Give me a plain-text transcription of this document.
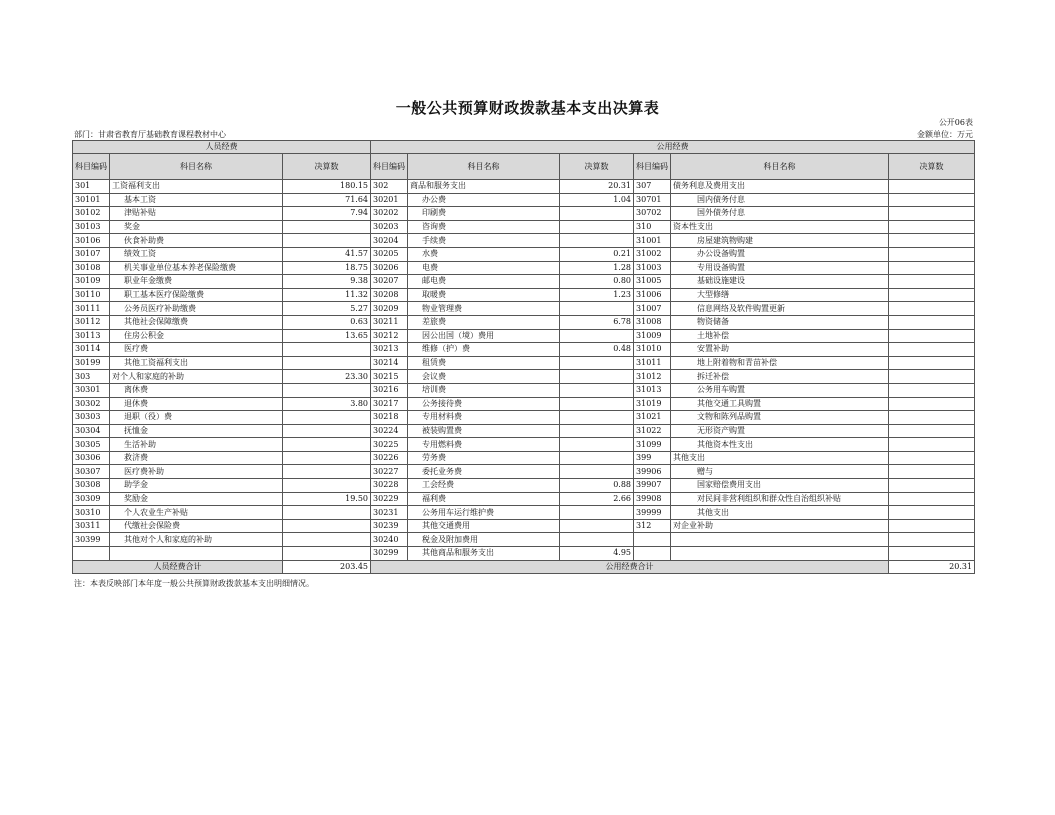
一般公共预算财政拨款基本支出决算表
公开06表
部门：甘肃省教育厅基础教育课程教材中心	金额单位：万元
人员经费			公用经费					
科目编码	科目名称	决算数	科目编码	科目名称	决算数	科目编码	科目名称	决算数
301	工资福利支出	180.15	302	商品和服务支出	20.31	307	债务利息及费用支出	
30101	基本工资	71.64	30201	办公费	1.04	30701	国内债务付息	
30102	津贴补贴	7.94	30202	印刷费		30702	国外债务付息	
30103	奖金		30203	咨询费		310	资本性支出	
30106	伙食补助费		30204	手续费		31001	房屋建筑物购建	
30107	绩效工资	41.57	30205	水费	0.21	31002	办公设备购置	
30108	机关事业单位基本养老保险缴费	18.75	30206	电费	1.28	31003	专用设备购置	
30109	职业年金缴费	9.38	30207	邮电费	0.80	31005	基础设施建设	
30110	职工基本医疗保险缴费	11.32	30208	取暖费	1.23	31006	大型修缮	
30111	公务员医疗补助缴费	5.27	30209	物业管理费		31007	信息网络及软件购置更新	
30112	其他社会保障缴费	0.63	30211	差旅费	6.78	31008	物资储备	
30113	住房公积金	13.65	30212	因公出国（境）费用		31009	土地补偿	
30114	医疗费		30213	维修（护）费	0.48	31010	安置补助	
30199	其他工资福利支出		30214	租赁费		31011	地上附着物和青苗补偿	
303	对个人和家庭的补助	23.30	30215	会议费		31012	拆迁补偿	
30301	离休费		30216	培训费		31013	公务用车购置	
30302	退休费	3.80	30217	公务接待费		31019	其他交通工具购置	
30303	退职（役）费		30218	专用材料费		31021	文物和陈列品购置	
30304	抚恤金		30224	被装购置费		31022	无形资产购置	
30305	生活补助		30225	专用燃料费		31099	其他资本性支出	
30306	救济费		30226	劳务费		399	其他支出	
30307	医疗费补助		30227	委托业务费		39906	赠与	
30308	助学金		30228	工会经费	0.88	39907	国家赔偿费用支出	
30309	奖励金	19.50	30229	福利费	2.66	39908	对民间非营利组织和群众性自治组织补贴	
30310	个人农业生产补贴		30231	公务用车运行维护费		39999	其他支出	
30311	代缴社会保险费		30239	其他交通费用		312	对企业补助	
30399	其他对个人和家庭的补助		30240	税金及附加费用				
			30299	其他商品和服务支出	4.95			
人员经费合计		203.45	公用经费合计					20.31
注：本表反映部门本年度一般公共预算财政拨款基本支出明细情况。
